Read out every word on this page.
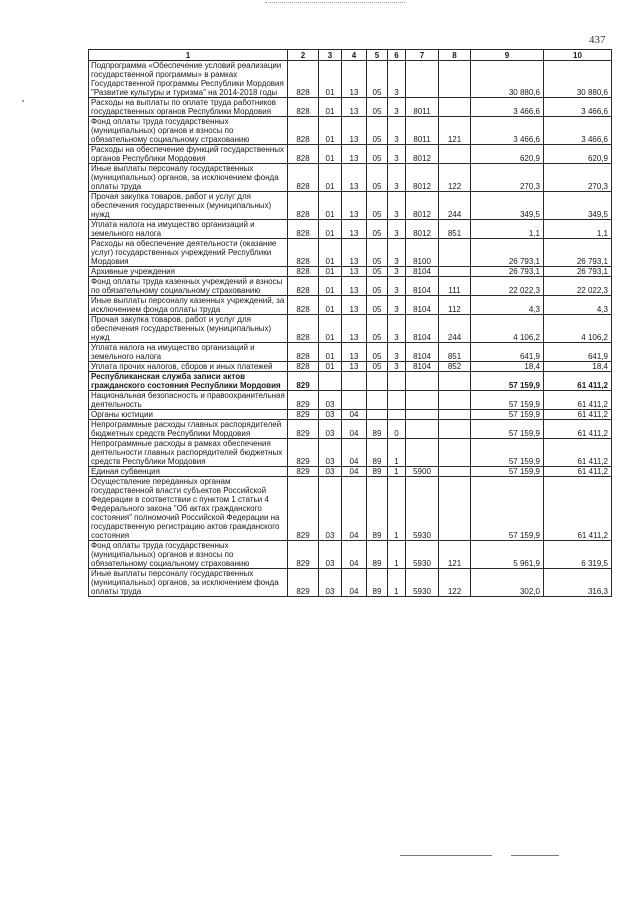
437
1	2	3	4	5	6	7	8	9	10
Подпрограмма «Обеспечение условий реализации государственной программы» в рамках Государственной программы Республики Мордовия "Развитие культуры и туризма" на 2014-2018 годы	828	01	13	05	3			30 880,6	30 880,6
Расходы на выплаты по оплате труда работников государственных органов Республики Мордовия	828	01	13	05	3	8011		3 466,6	3 466,6
Фонд оплаты труда государственных (муниципальных) органов и взносы по обязательному социальному страхованию	828	01	13	05	3	8011	121	3 466,6	3 466,6
Расходы на обеспечение функций государственных органов Республики Мордовия	828	01	13	05	3	8012		620,9	620,9
Иные выплаты персоналу государственных (муниципальных) органов, за исключением фонда оплаты труда	828	01	13	05	3	8012	122	270,3	270,3
Прочая закупка товаров, работ и услуг для обеспечения государственных (муниципальных) нужд	828	01	13	05	3	8012	244	349,5	349,5
Уплата налога на имущество организаций и земельного налога	828	01	13	05	3	8012	851	1,1	1,1
Расходы на обеспечение деятельности (оказание услуг) государственных учреждений Республики Мордовия	828	01	13	05	3	8100		26 793,1	26 793,1
Архивные учреждения	828	01	13	05	3	8104		26 793,1	26 793,1
Фонд оплаты труда казенных учреждений и взносы по обязательному социальному страхованию	828	01	13	05	3	8104	111	22 022,3	22 022,3
Иные выплаты персоналу казенных учреждений, за исключением фонда оплаты труда	828	01	13	05	3	8104	112	4,3	4,3
Прочая закупка товаров, работ и услуг для обеспечения государственных (муниципальных) нужд	828	01	13	05	3	8104	244	4 106,2	4 106,2
Уплата налога на имущество организаций и земельного налога	828	01	13	05	3	8104	851	641,9	641,9
Уплата прочих налогов, сборов и иных платежей	828	01	13	05	3	8104	852	18,4	18,4
Республиканская служба записи актов гражданского состояния Республики Мордовия	829							57 159,9	61 411,2
Национальная безопасность и правоохранительная деятельность	829	03						57 159,9	61 411,2
Органы юстиции	829	03	04					57 159,9	61 411,2
Непрограммные расходы главных распорядителей бюджетных средств Республики Мордовия	829	03	04	89	0			57 159,9	61 411,2
Непрограммные расходы в рамках обеспечения деятельности главных распорядителей бюджетных средств Республики Мордовия	829	03	04	89	1			57 159,9	61 411,2
Единая субвенция	829	03	04	89	1	5900		57 159,9	61 411,2
Осуществление переданных органам государственной власти субъектов Российской Федерации в соответствии с пунктом 1 статьи 4 Федерального закона "Об актах гражданского состояния" полномочий Российской Федерации на государственную регистрацию актов гражданского состояния	829	03	04	89	1	5930		57 159,9	61 411,2
Фонд оплаты труда государственных (муниципальных) органов и взносы по обязательному социальному страхованию	829	03	04	89	1	5930	121	5 961,9	6 319,5
Иные выплаты персоналу государственных (муниципальных) органов, за исключением фонда оплаты труда	829	03	04	89	1	5930	122	302,0	316,3
